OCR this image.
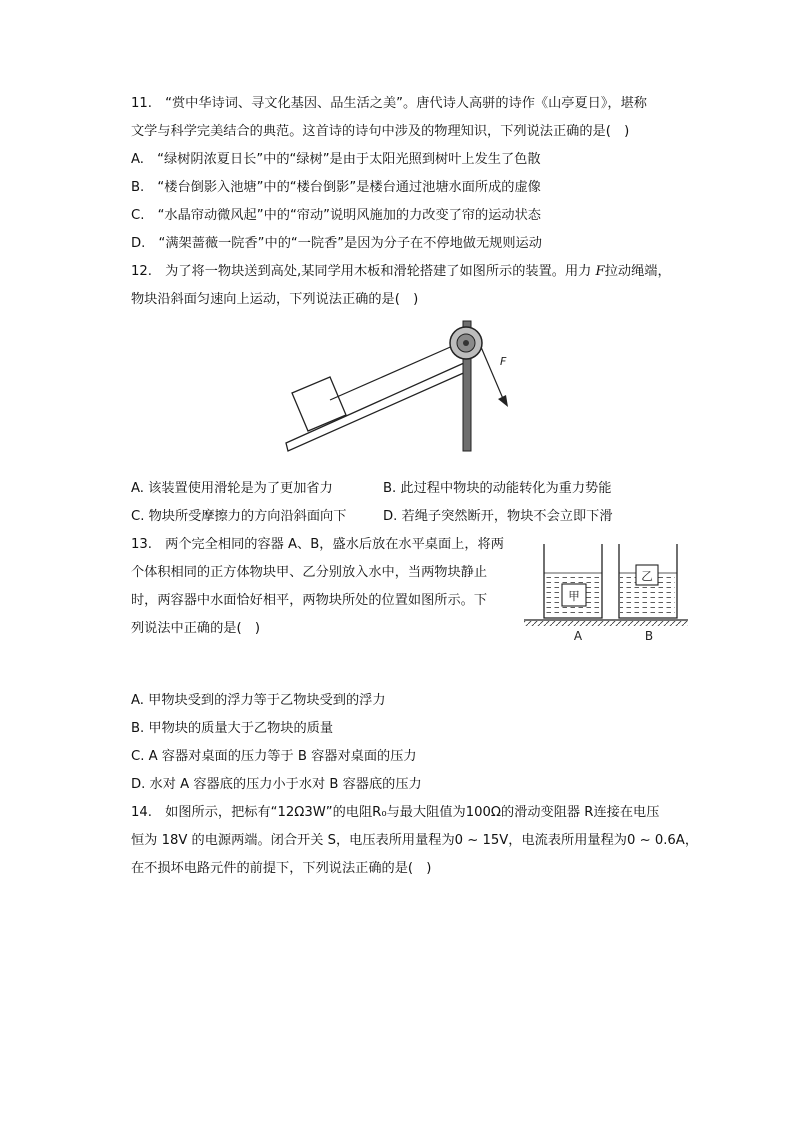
11.　“赏中华诗词、寻文化基因、品生活之美”。唐代诗人高骈的诗作《山亭夏日》，堪称
文学与科学完美结合的典范。这首诗的诗句中涉及的物理知识，下列说法正确的是(　)
A.　“绿树阴浓夏日长”中的“绿树”是由于太阳光照到树叶上发生了色散
B.　“楼台倒影入池塘”中的“楼台倒影”是楼台通过池塘水面所成的虚像
C.　“水晶帘动微风起”中的“帘动”说明风施加的力改变了帘的运动状态
D.　“满架蔷薇一院香”中的“一院香”是因为分子在不停地做无规则运动
12.　为了将一物块送到高处,某同学用木板和滑轮搭建了如图所示的装置。用力 F拉动绳端，
物块沿斜面匀速向上运动，下列说法正确的是(　)
F
A. 该装置使用滑轮是为了更加省力	B. 此过程中物块的动能转化为重力势能
C. 物块所受摩擦力的方向沿斜面向下	D. 若绳子突然断开，物块不会立即下滑
13.　两个完全相同的容器 A、B，盛水后放在水平桌面上，将两
个体积相同的正方体物块甲、乙分别放入水中，当两物块静止
时，两容器中水面恰好相平，两物块所处的位置如图所示。下
列说法中正确的是(　)
甲
乙
A	B
A. 甲物块受到的浮力等于乙物块受到的浮力
B. 甲物块的质量大于乙物块的质量
C. A 容器对桌面的压力等于 B 容器对桌面的压力
D. 水对 A 容器底的压力小于水对 B 容器底的压力
14.　如图所示，把标有“12Ω3W”的电阻R₀与最大阻值为100Ω的滑动变阻器 R连接在电压
恒为 18V 的电源两端。闭合开关 S，电压表所用量程为0 ~ 15V，电流表所用量程为0 ~ 0.6A，
在不损坏电路元件的前提下，下列说法正确的是(　)
